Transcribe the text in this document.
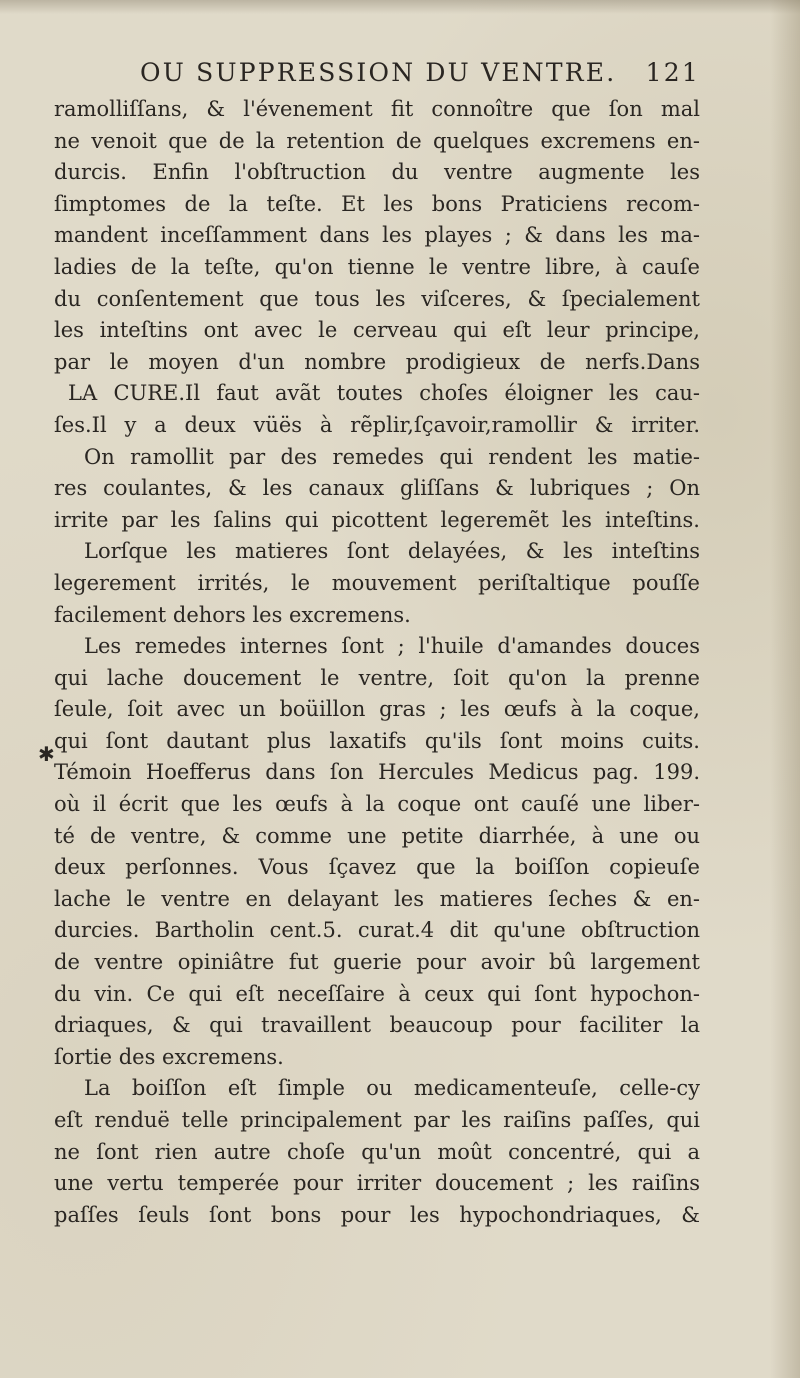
OU SUPPRESSION DU VENTRE. 121
✱
ramolliſſans, & l'évenement fit connoître que ſon mal
ne venoit que de la retention de quelques excremens en-
durcis. Enfin l'obſtruction du ventre augmente les
ſimptomes de la teſte. Et les bons Praticiens recom-
mandent inceſſamment dans les playes ; & dans les ma-
ladies de la teſte, qu'on tienne le ventre libre, à cauſe
du conſentement que tous les viſceres, & ſpecialement
les inteſtins ont avec le cerveau qui eſt leur principe,
par le moyen d'un nombre prodigieux de nerfs.Dans
LA CURE.Il faut avãt toutes choſes éloigner les cau-
ſes.Il y a deux vüës à rẽplir,ſçavoir,ramollir & irriter.
On ramollit par des remedes qui rendent les matie-
res coulantes, & les canaux gliſſans & lubriques ; On
irrite par les ſalins qui picottent legeremẽt les inteſtins.
Lorſque les matieres ſont delayées, & les inteſtins
legerement irrités, le mouvement periſtaltique pouſſe
facilement dehors les excremens.
Les remedes internes ſont ; l'huile d'amandes douces
qui lache doucement le ventre, ſoit qu'on la prenne
ſeule, ſoit avec un boüillon gras ; les œufs à la coque,
qui ſont dautant plus laxatifs qu'ils ſont moins cuits.
Témoin Hoefferus dans ſon Hercules Medicus pag. 199.
où il écrit que les œufs à la coque ont cauſé une liber-
té de ventre, & comme une petite diarrhée, à une ou
deux perſonnes. Vous ſçavez que la boiſſon copieuſe
lache le ventre en delayant les matieres ſeches & en-
durcies. Bartholin cent.5. curat.4 dit qu'une obſtruction
de ventre opiniâtre fut guerie pour avoir bû largement
du vin. Ce qui eſt neceſſaire à ceux qui ſont hypochon-
driaques, & qui travaillent beaucoup pour faciliter la
ſortie des excremens.
La boiſſon eſt ſimple ou medicamenteuſe, celle-cy
eſt renduë telle principalement par les raiſins paſſes, qui
ne ſont rien autre choſe qu'un moût concentré, qui a
une vertu temperée pour irriter doucement ; les raiſins
paſſes ſeuls ſont bons pour les hypochondriaques, &
